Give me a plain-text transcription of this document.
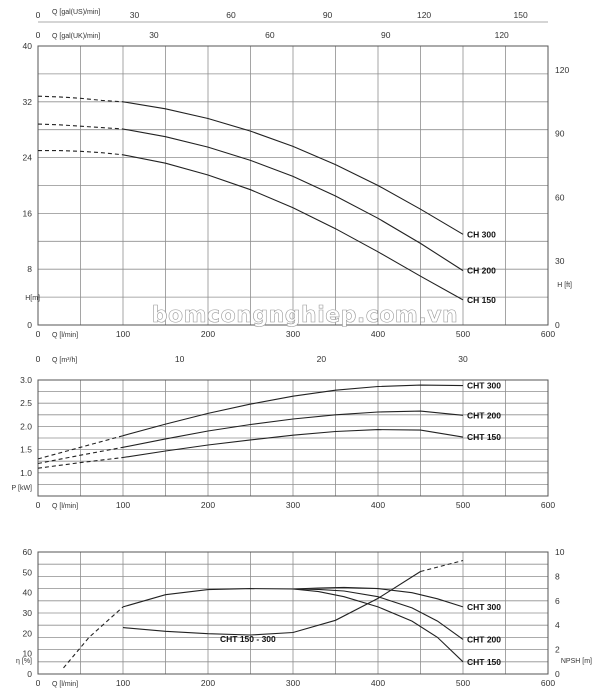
0	100	200	300	400	500	600
0
8
16
24
32
40
0
30
60
90
120
H[m]
H [ft]
Q [l/min]
Q [gal(US)/min]
0	30	60	90	120	150
Q [gal(UK)/min]
0	30	60	90	120
Q [m³/h]
0	10	20	30
CH 300
CH 200
CH 150
0	100	200	300	400	500	600
1.0
1.5
2.0
2.5
3.0
P [kW]
Q [l/min]
CHT 300
CHT 200
CHT 150
0	100	200	300	400	500	600
0
10
20
30
40
50
60
0
2
4
6
8
10
η [%]	NPSH [m]
Q [l/min]
CHT 150 - 300
CHT 300
CHT 200
CHT 150
bomcongnghiep.com.vn
